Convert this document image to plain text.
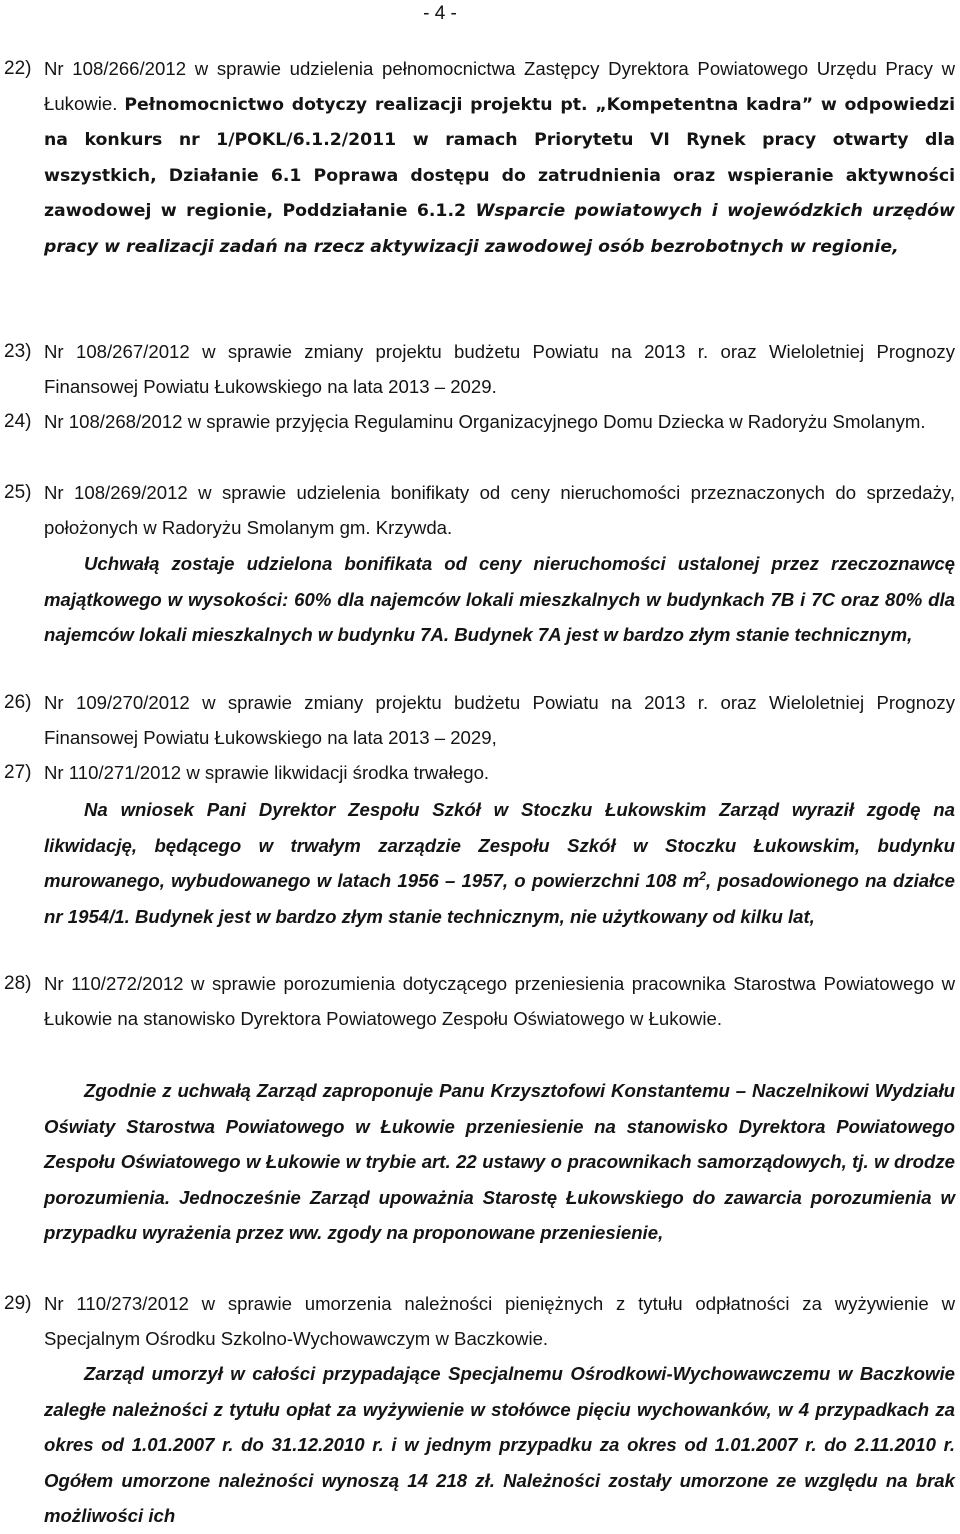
- 4 -
22) Nr 108/266/2012 w sprawie udzielenia pełnomocnictwa Zastępcy Dyrektora Powiatowego Urzędu Pracy w Łukowie. Pełnomocnictwo dotyczy realizacji projektu pt. „Kompetentna kadra” w odpowiedzi na konkurs nr 1/POKL/6.1.2/2011 w ramach Priorytetu VI Rynek pracy otwarty dla wszystkich, Działanie 6.1 Poprawa dostępu do zatrudnienia oraz wspieranie aktywności zawodowej w regionie, Poddziałanie 6.1.2 Wsparcie powiatowych i wojewódzkich urzędów pracy w realizacji zadań na rzecz aktywizacji zawodowej osób bezrobotnych w regionie,
23) Nr 108/267/2012 w sprawie zmiany projektu budżetu Powiatu na 2013 r. oraz Wieloletniej Prognozy Finansowej Powiatu Łukowskiego na lata 2013 – 2029.
24) Nr 108/268/2012 w sprawie przyjęcia Regulaminu Organizacyjnego Domu Dziecka w Radoryżu Smolanym.
25) Nr 108/269/2012 w sprawie udzielenia bonifikaty od ceny nieruchomości przeznaczonych do sprzedaży, położonych w Radoryżu Smolanym gm. Krzywda.
Uchwałą zostaje udzielona bonifikata od ceny nieruchomości ustalonej przez rzeczoznawcę majątkowego w wysokości: 60% dla najemców lokali mieszkalnych w budynkach 7B i 7C oraz 80% dla najemców lokali mieszkalnych w budynku 7A. Budynek 7A jest w bardzo złym stanie technicznym,
26) Nr 109/270/2012 w sprawie zmiany projektu budżetu Powiatu na 2013 r. oraz Wieloletniej Prognozy Finansowej Powiatu Łukowskiego na lata 2013 – 2029,
27) Nr 110/271/2012 w sprawie likwidacji środka trwałego.
Na wniosek Pani Dyrektor Zespołu Szkół w Stoczku Łukowskim Zarząd wyraził zgodę na likwidację, będącego w trwałym zarządzie Zespołu Szkół w Stoczku Łukowskim, budynku murowanego, wybudowanego w latach 1956 – 1957, o powierzchni 108 $m^2$, posadowionego na działce nr 1954/1. Budynek jest w bardzo złym stanie technicznym, nie użytkowany od kilku lat,
28) Nr 110/272/2012 w sprawie porozumienia dotyczącego przeniesienia pracownika Starostwa Powiatowego w Łukowie na stanowisko Dyrektora Powiatowego Zespołu Oświatowego w Łukowie.
Zgodnie z uchwałą Zarząd zaproponuje Panu Krzysztofowi Konstantemu – Naczelnikowi Wydziału Oświaty Starostwa Powiatowego w Łukowie przeniesienie na stanowisko Dyrektora Powiatowego Zespołu Oświatowego w Łukowie w trybie art. 22 ustawy o pracownikach samorządowych, tj. w drodze porozumienia. Jednocześnie Zarząd upoważnia Starostę Łukowskiego do zawarcia porozumienia w przypadku wyrażenia przez ww. zgody na proponowane przeniesienie,
29) Nr 110/273/2012 w sprawie umorzenia należności pieniężnych z tytułu odpłatności za wyżywienie w Specjalnym Ośrodku Szkolno-Wychowawczym w Baczkowie.
Zarząd umorzył w całości przypadające Specjalnemu Ośrodkowi-Wychowawczemu w Baczkowie zaległe należności z tytułu opłat za wyżywienie w stołówce pięciu wychowanków, w 4 przypadkach za okres od 1.01.2007 r. do 31.12.2010 r. i w jednym przypadku za okres od 1.01.2007 r. do 2.11.2010 r. Ogółem umorzone należności wynoszą 14 218 zł. Należności zostały umorzone ze względu na brak możliwości ich
